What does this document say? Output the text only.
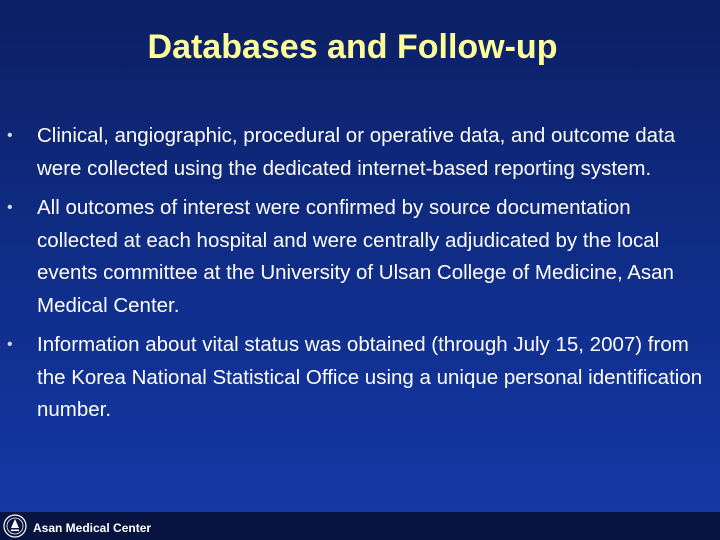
Databases and Follow-up
• Clinical, angiographic, procedural or operative data, and outcome data were collected using the dedicated internet-based reporting system.
• All outcomes of interest were confirmed by source documentation collected at each hospital and were centrally adjudicated by the local events committee at the University of Ulsan College of Medicine, Asan Medical Center.
• Information about vital status was obtained (through July 15, 2007) from the Korea National Statistical Office using a unique personal identification number.
Asan Medical Center
